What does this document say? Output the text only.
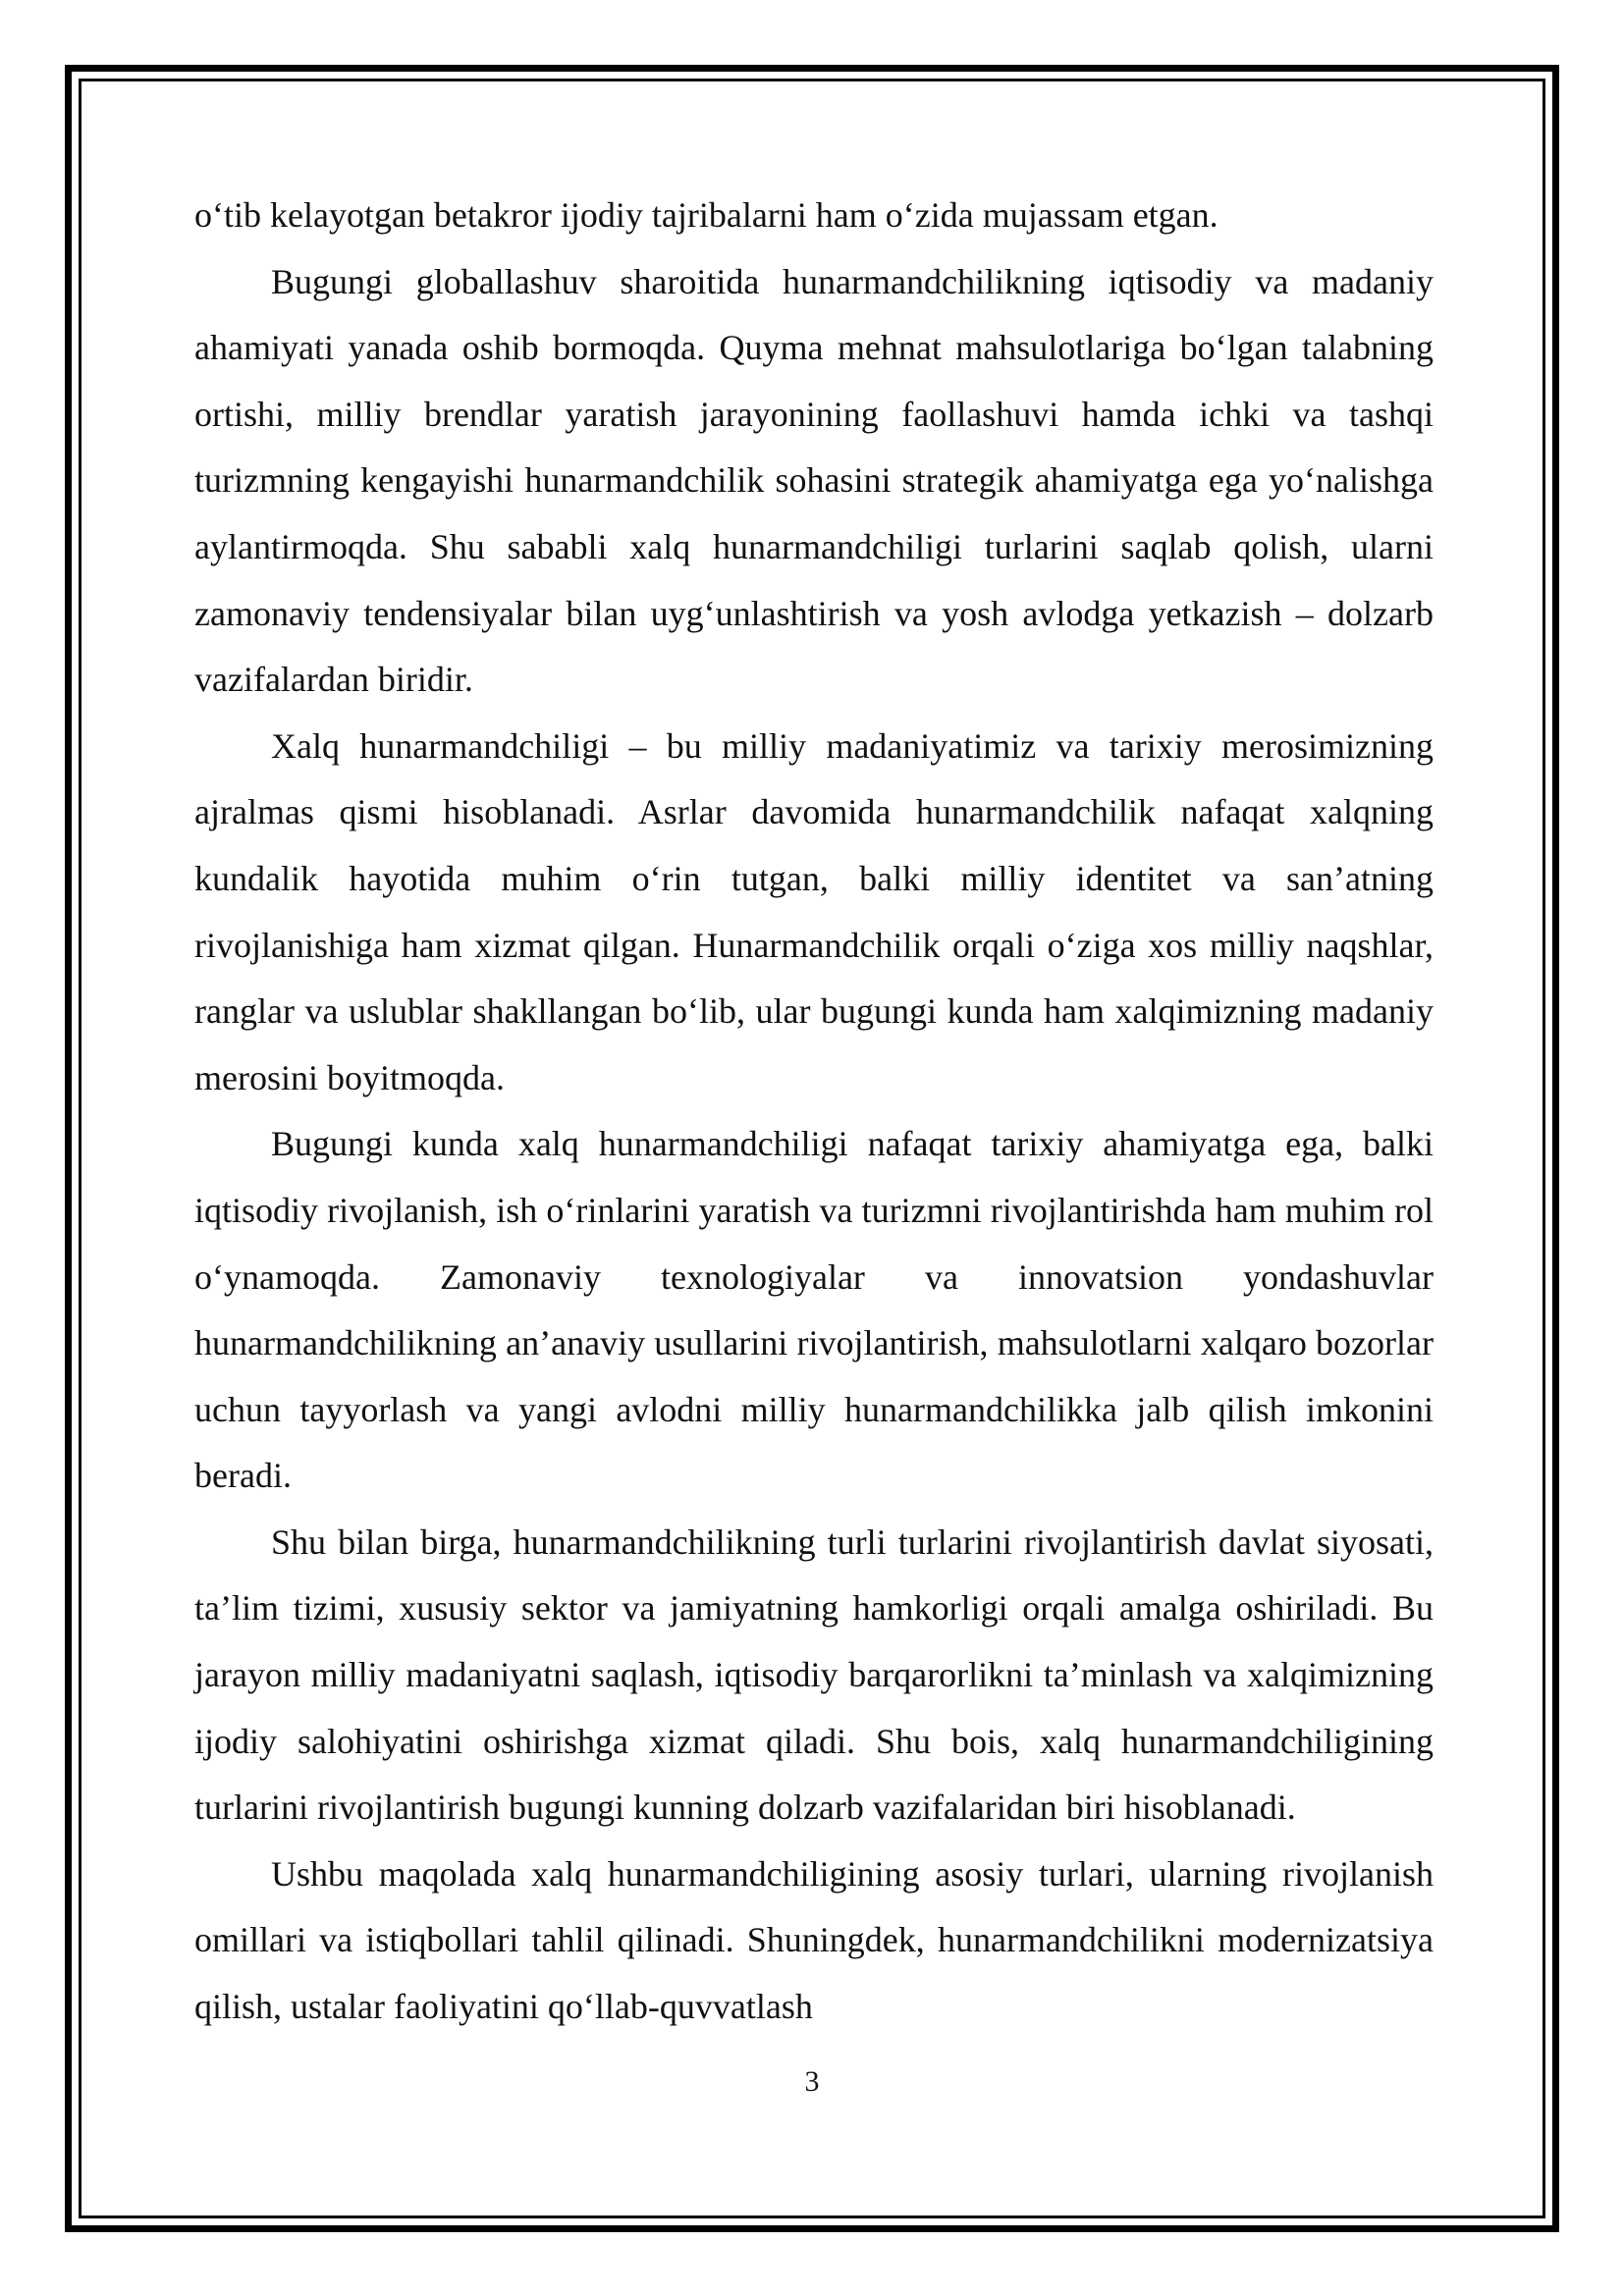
o‘tib kelayotgan betakror ijodiy tajribalarni ham o‘zida mujassam etgan.

Bugungi globallashuv sharoitida hunarmandchilikning iqtisodiy va madaniy ahamiyati yanada oshib bormoqda. Quyma mehnat mahsulotlariga bo‘lgan talabning ortishi, milliy brendlar yaratish jarayonining faollashuvi hamda ichki va tashqi turizmning kengayishi hunarmandchilik sohasini strategik ahamiyatga ega yo‘nalishga aylantirmoqda. Shu sababli xalq hunarmandchiligi turlarini saqlab qolish, ularni zamonaviy tendensiyalar bilan uyg‘unlashtirish va yosh avlodga yetkazish – dolzarb vazifalardan biridir.

Xalq hunarmandchiligi – bu milliy madaniyatimiz va tarixiy merosimizning ajralmas qismi hisoblanadi. Asrlar davomida hunarmandchilik nafaqat xalqning kundalik hayotida muhim o‘rin tutgan, balki milliy identitet va san’atning rivojlanishiga ham xizmat qilgan. Hunarmandchilik orqali o‘ziga xos milliy naqshlar, ranglar va uslublar shakllangan bo‘lib, ular bugungi kunda ham xalqimizning madaniy merosini boyitmoqda.

Bugungi kunda xalq hunarmandchiligi nafaqat tarixiy ahamiyatga ega, balki iqtisodiy rivojlanish, ish o‘rinlarini yaratish va turizmni rivojlantirishda ham muhim rol o‘ynamoqda. Zamonaviy texnologiyalar va innovatsion yondashuvlar hunarmandchilikning an’anaviy usullarini rivojlantirish, mahsulotlarni xalqaro bozorlar uchun tayyorlash va yangi avlodni milliy hunarmandchilikka jalb qilish imkonini beradi.

Shu bilan birga, hunarmandchilikning turli turlarini rivojlantirish davlat siyosati, ta’lim tizimi, xususiy sektor va jamiyatning hamkorligi orqali amalga oshiriladi. Bu jarayon milliy madaniyatni saqlash, iqtisodiy barqarorlikni ta’minlash va xalqimizning ijodiy salohiyatini oshirishga xizmat qiladi. Shu bois, xalq hunarmandchiligining turlarini rivojlantirish bugungi kunning dolzarb vazifalaridan biri hisoblanadi.

Ushbu maqolada xalq hunarmandchiligining asosiy turlari, ularning rivojlanish omillari va istiqbollari tahlil qilinadi. Shuningdek, hunarmandchilikni modernizatsiya qilish, ustalar faoliyatini qo‘llab-quvvatlash

3
